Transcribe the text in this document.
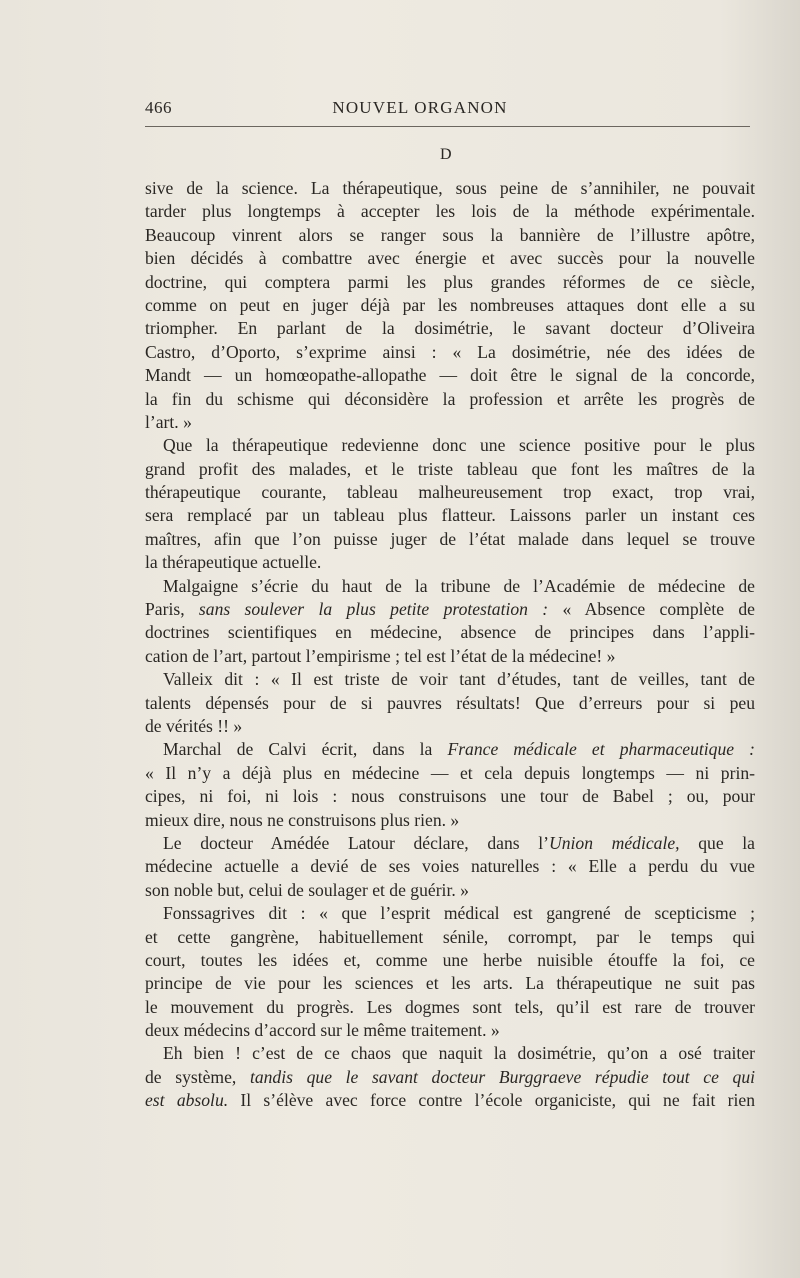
466	NOUVEL ORGANON
D
sive de la science. La thérapeutique, sous peine de s’annihiler, ne pouvait
tarder plus longtemps à accepter les lois de la méthode expérimentale.
Beaucoup vinrent alors se ranger sous la bannière de l’illustre apôtre,
bien décidés à combattre avec énergie et avec succès pour la nouvelle
doctrine, qui comptera parmi les plus grandes réformes de ce siècle,
comme on peut en juger déjà par les nombreuses attaques dont elle a su
triompher. En parlant de la dosimétrie, le savant docteur d’Oliveira
Castro, d’Oporto, s’exprime ainsi : « La dosimétrie, née des idées de
Mandt — un homœopathe-allopathe — doit être le signal de la concorde,
la fin du schisme qui déconsidère la profession et arrête les progrès de
l’art. »
Que la thérapeutique redevienne donc une science positive pour le plus
grand profit des malades, et le triste tableau que font les maîtres de la
thérapeutique courante, tableau malheureusement trop exact, trop vrai,
sera remplacé par un tableau plus flatteur. Laissons parler un instant ces
maîtres, afin que l’on puisse juger de l’état malade dans lequel se trouve
la thérapeutique actuelle.
Malgaigne s’écrie du haut de la tribune de l’Académie de médecine de
Paris, sans soulever la plus petite protestation : « Absence complète de
doctrines scientifiques en médecine, absence de principes dans l’appli-
cation de l’art, partout l’empirisme ; tel est l’état de la médecine! »
Valleix dit : « Il est triste de voir tant d’études, tant de veilles, tant de
talents dépensés pour de si pauvres résultats! Que d’erreurs pour si peu
de vérités !! »
Marchal de Calvi écrit, dans la France médicale et pharmaceutique :
« Il n’y a déjà plus en médecine — et cela depuis longtemps — ni prin-
cipes, ni foi, ni lois : nous construisons une tour de Babel ; ou, pour
mieux dire, nous ne construisons plus rien. »
Le docteur Amédée Latour déclare, dans l’Union médicale, que la
médecine actuelle a devié de ses voies naturelles : « Elle a perdu du vue
son noble but, celui de soulager et de guérir. »
Fonssagrives dit : « que l’esprit médical est gangrené de scepticisme ;
et cette gangrène, habituellement sénile, corrompt, par le temps qui
court, toutes les idées et, comme une herbe nuisible étouffe la foi, ce
principe de vie pour les sciences et les arts. La thérapeutique ne suit pas
le mouvement du progrès. Les dogmes sont tels, qu’il est rare de trouver
deux médecins d’accord sur le même traitement. »
Eh bien ! c’est de ce chaos que naquit la dosimétrie, qu’on a osé traiter
de système, tandis que le savant docteur Burggraeve répudie tout ce qui
est absolu. Il s’élève avec force contre l’école organiciste, qui ne fait rien
